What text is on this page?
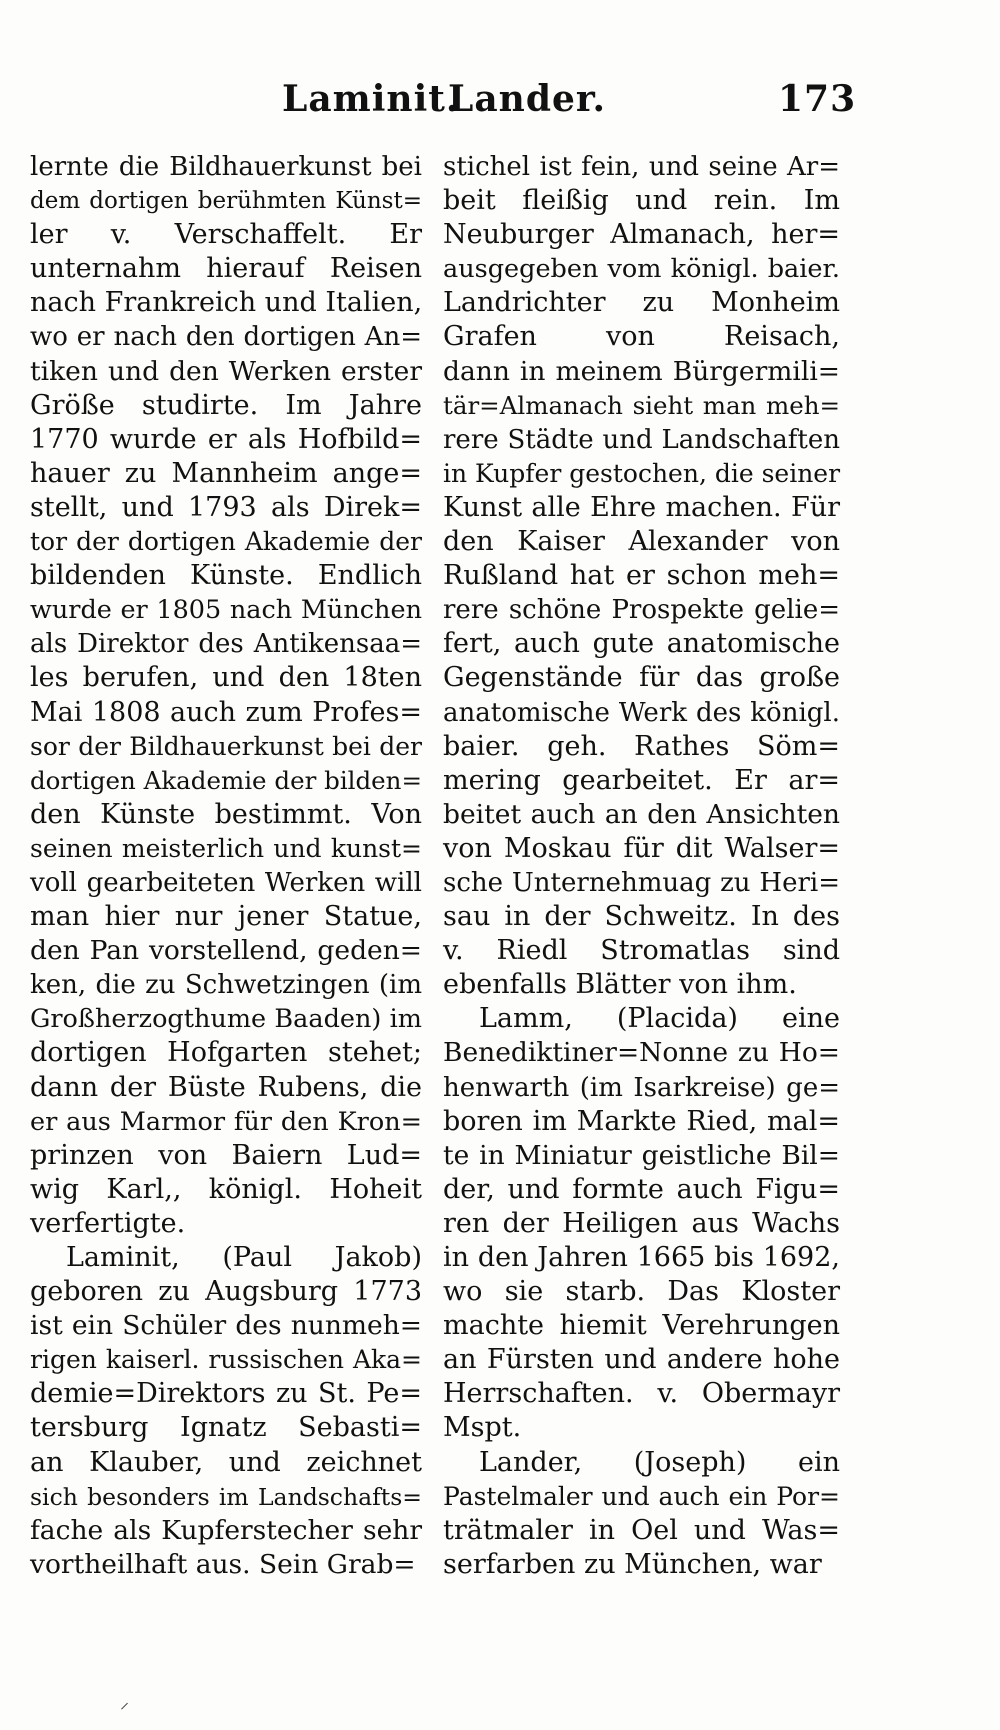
Laminit.
Lander.	173
lernte die Bildhauerkunst bei
dem dortigen berühmten Künst=
ler v. Verschaffelt. Er
unternahm hierauf Reisen
nach Frankreich und Italien,
wo er nach den dortigen An=
tiken und den Werken erster
Größe studirte. Im Jahre
1770 wurde er als Hofbild=
hauer zu Mannheim ange=
stellt, und 1793 als Direk=
tor der dortigen Akademie der
bildenden Künste. Endlich
wurde er 1805 nach München
als Direktor des Antikensaa=
les berufen, und den 18ten
Mai 1808 auch zum Profes=
sor der Bildhauerkunst bei der
dortigen Akademie der bilden=
den Künste bestimmt. Von
seinen meisterlich und kunst=
voll gearbeiteten Werken will
man hier nur jener Statue,
den Pan vorstellend, geden=
ken, die zu Schwetzingen (im
Großherzogthume Baaden) im
dortigen Hofgarten stehet;
dann der Büste Rubens, die
er aus Marmor für den Kron=
prinzen von Baiern Lud=
wig Karl,, königl. Hoheit
verfertigte.
Laminit, (Paul Jakob)
geboren zu Augsburg 1773
ist ein Schüler des nunmeh=
rigen kaiserl. russischen Aka=
demie=Direktors zu St. Pe=
tersburg Ignatz Sebasti=
an Klauber, und zeichnet
sich besonders im Landschafts=
fache als Kupferstecher sehr
vortheilhaft aus. Sein Grab=
stichel ist fein, und seine Ar=
beit fleißig und rein. Im
Neuburger Almanach, her=
ausgegeben vom königl. baier.
Landrichter zu Monheim
Grafen von Reisach,
dann in meinem Bürgermili=
tär=Almanach sieht man meh=
rere Städte und Landschaften
in Kupfer gestochen, die seiner
Kunst alle Ehre machen. Für
den Kaiser Alexander von
Rußland hat er schon meh=
rere schöne Prospekte gelie=
fert, auch gute anatomische
Gegenstände für das große
anatomische Werk des königl.
baier. geh. Rathes Söm=
mering gearbeitet. Er ar=
beitet auch an den Ansichten
von Moskau für dit Walser=
sche Unternehmuag zu Heri=
sau in der Schweitz. In des
v. Riedl Stromatlas sind
ebenfalls Blätter von ihm.
Lamm, (Placida) eine
Benediktiner=Nonne zu Ho=
henwarth (im Isarkreise) ge=
boren im Markte Ried, mal=
te in Miniatur geistliche Bil=
der, und formte auch Figu=
ren der Heiligen aus Wachs
in den Jahren 1665 bis 1692,
wo sie starb. Das Kloster
machte hiemit Verehrungen
an Fürsten und andere hohe
Herrschaften. v. Obermayr
Mspt.
Lander, (Joseph) ein
Pastelmaler und auch ein Por=
trätmaler in Oel und Was=
serfarben zu München, war
⸝
